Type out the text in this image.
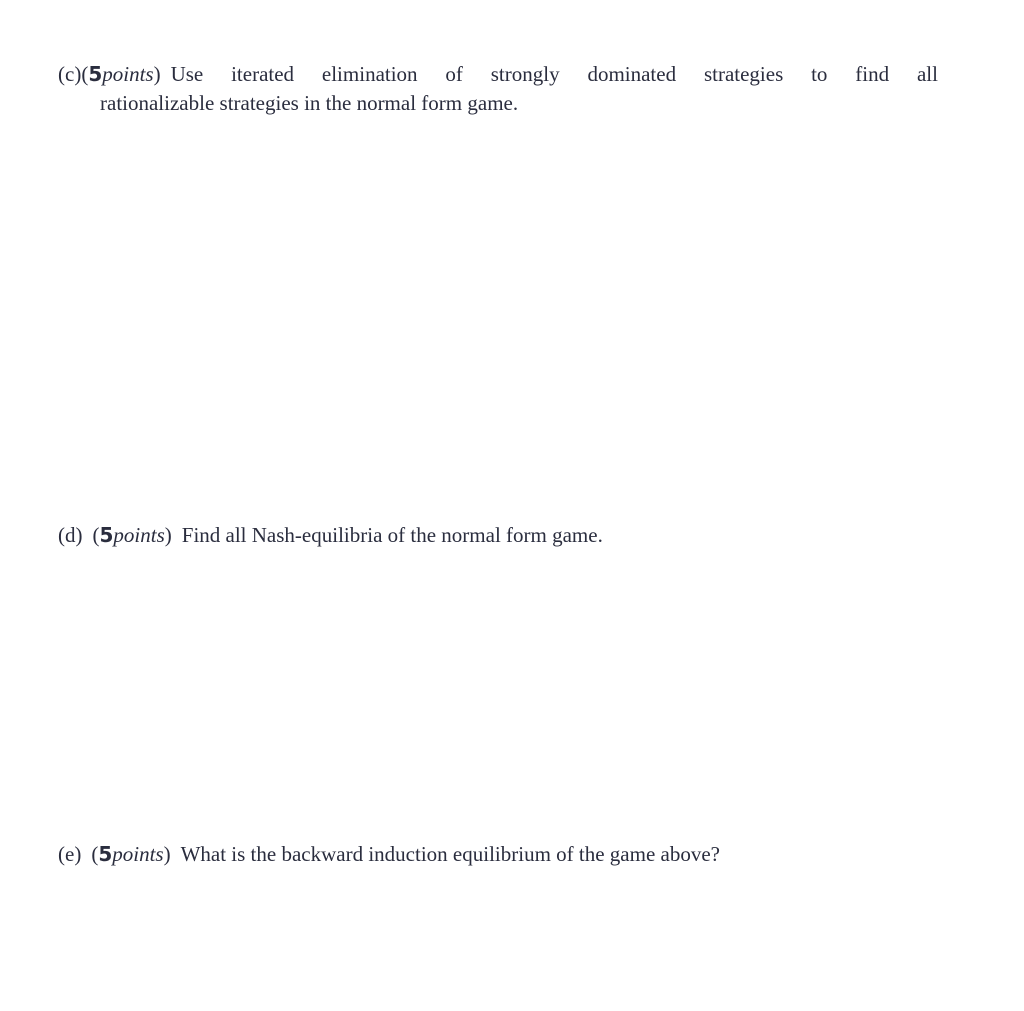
(c) (5points) Use iterated elimination of strongly dominated strategies to find all
rationalizable strategies in the normal form game.
(d) (5points) Find all Nash-equilibria of the normal form game.
(e) (5points) What is the backward induction equilibrium of the game above?
